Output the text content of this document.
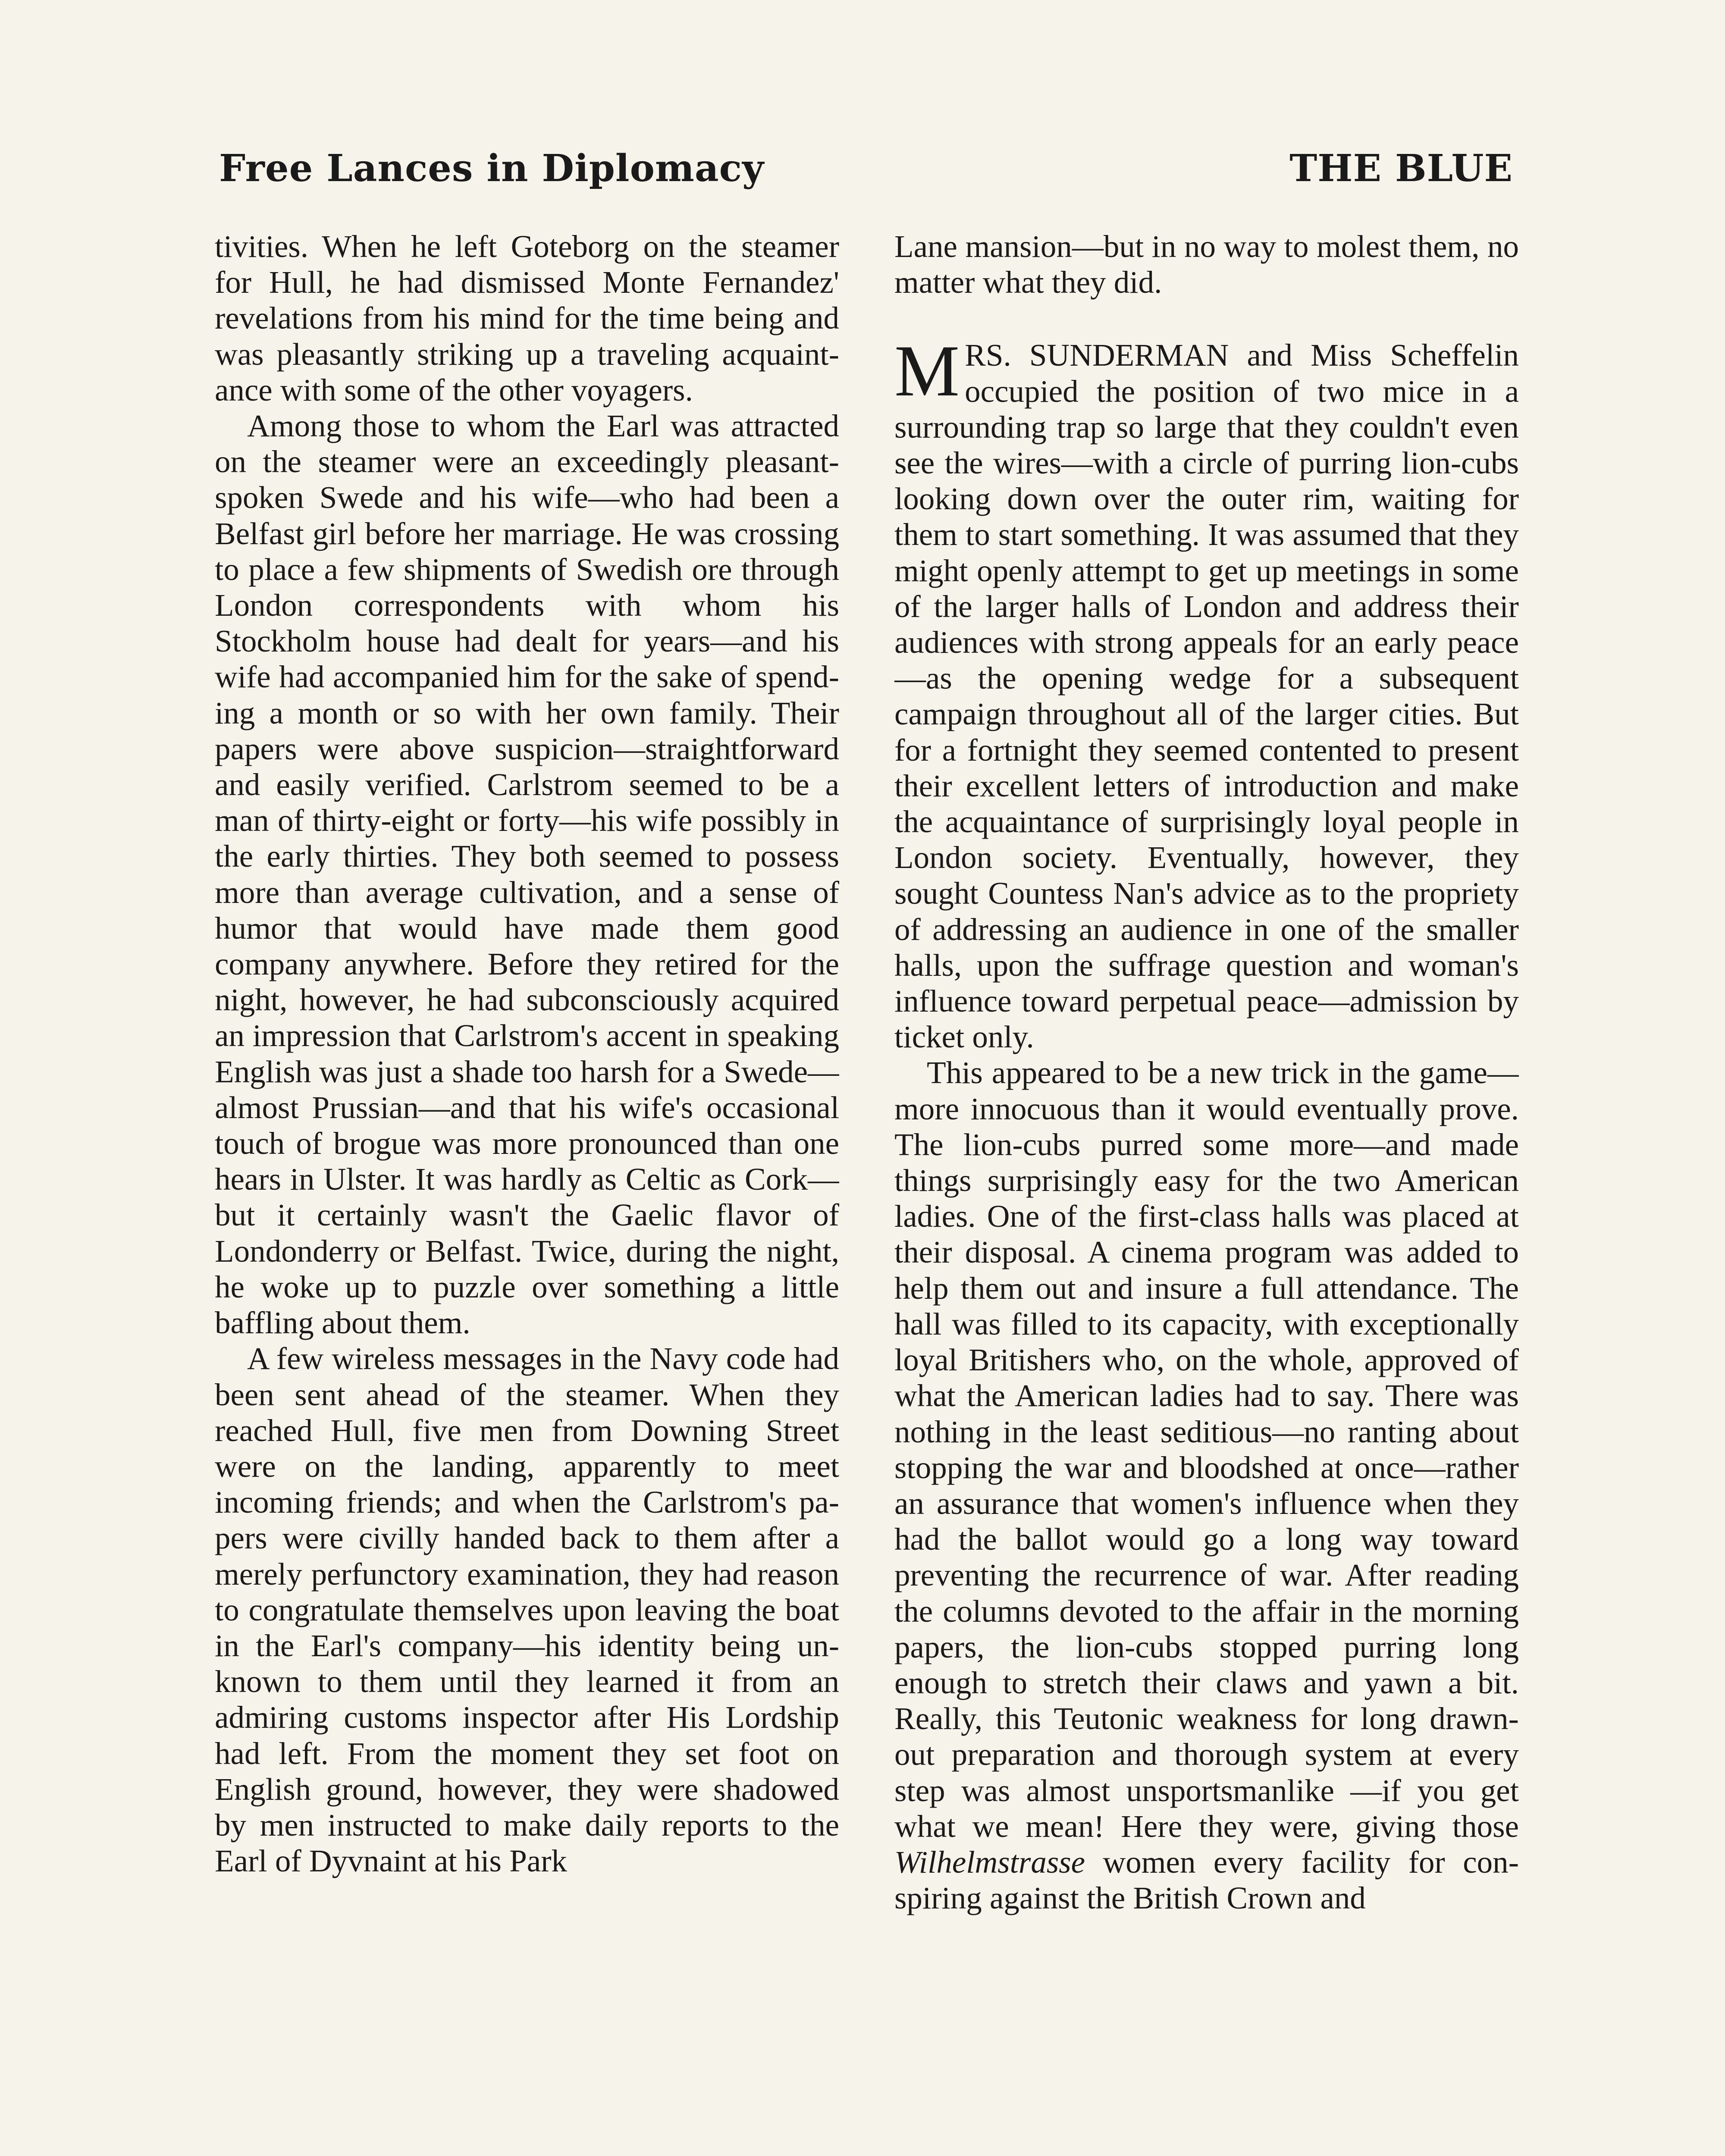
Free Lances in Diplomacy	THE BLUE

tivities. When he left Goteborg on the steamer for Hull, he had dismissed Monte Fernandez' revelations from his mind for the time being and was pleasantly striking up a traveling acquaintance with some of the other voyagers.

Among those to whom the Earl was attracted on the steamer were an exceedingly pleasant-spoken Swede and his wife—who had been a Belfast girl before her marriage. He was crossing to place a few shipments of Swedish ore through London correspondents with whom his Stockholm house had dealt for years—and his wife had accompanied him for the sake of spending a month or so with her own family. Their papers were above suspicion—straightforward and easily verified. Carlstrom seemed to be a man of thirty-eight or forty—his wife possibly in the early thirties. They both seemed to possess more than average cultivation, and a sense of humor that would have made them good company anywhere. Before they retired for the night, however, he had subconsciously acquired an impression that Carlstrom's accent in speaking English was just a shade too harsh for a Swede—almost Prussian—and that his wife's occasional touch of brogue was more pronounced than one hears in Ulster. It was hardly as Celtic as Cork—but it certainly wasn't the Gaelic flavor of Londonderry or Belfast. Twice, during the night, he woke up to puzzle over something a little baffling about them.

A few wireless messages in the Navy code had been sent ahead of the steamer. When they reached Hull, five men from Downing Street were on the landing, apparently to meet incoming friends; and when the Carlstrom's papers were civilly handed back to them after a merely perfunctory examination, they had reason to congratulate themselves upon leaving the boat in the Earl's company—his identity being unknown to them until they learned it from an admiring customs inspector after His Lordship had left. From the moment they set foot on English ground, however, they were shadowed by men instructed to make daily reports to the Earl of Dyvnaint at his Park

Lane mansion—but in no way to molest them, no matter what they did.

MRS. SUNDERMAN and Miss Scheffelin occupied the position of two mice in a surrounding trap so large that they couldn't even see the wires—with a circle of purring lion-cubs looking down over the outer rim, waiting for them to start something. It was assumed that they might openly attempt to get up meetings in some of the larger halls of London and address their audiences with strong appeals for an early peace—as the opening wedge for a subsequent campaign throughout all of the larger cities. But for a fortnight they seemed contented to present their excellent letters of introduction and make the acquaintance of surprisingly loyal people in London society. Eventually, however, they sought Countess Nan's advice as to the propriety of addressing an audience in one of the smaller halls, upon the suffrage question and woman's influence toward perpetual peace—admission by ticket only.

This appeared to be a new trick in the game—more innocuous than it would eventually prove. The lion-cubs purred some more—and made things surprisingly easy for the two American ladies. One of the first-class halls was placed at their disposal. A cinema program was added to help them out and insure a full attendance. The hall was filled to its capacity, with exceptionally loyal Britishers who, on the whole, approved of what the American ladies had to say. There was nothing in the least seditious—no ranting about stopping the war and bloodshed at once—rather an assurance that women's influence when they had the ballot would go a long way toward preventing the recurrence of war. After reading the columns devoted to the affair in the morning papers, the lion-cubs stopped purring long enough to stretch their claws and yawn a bit. Really, this Teutonic weakness for long drawn-out preparation and thorough system at every step was almost unsportsmanlike —if you get what we mean! Here they were, giving those Wilhelmstrasse women every facility for conspiring against the British Crown and
